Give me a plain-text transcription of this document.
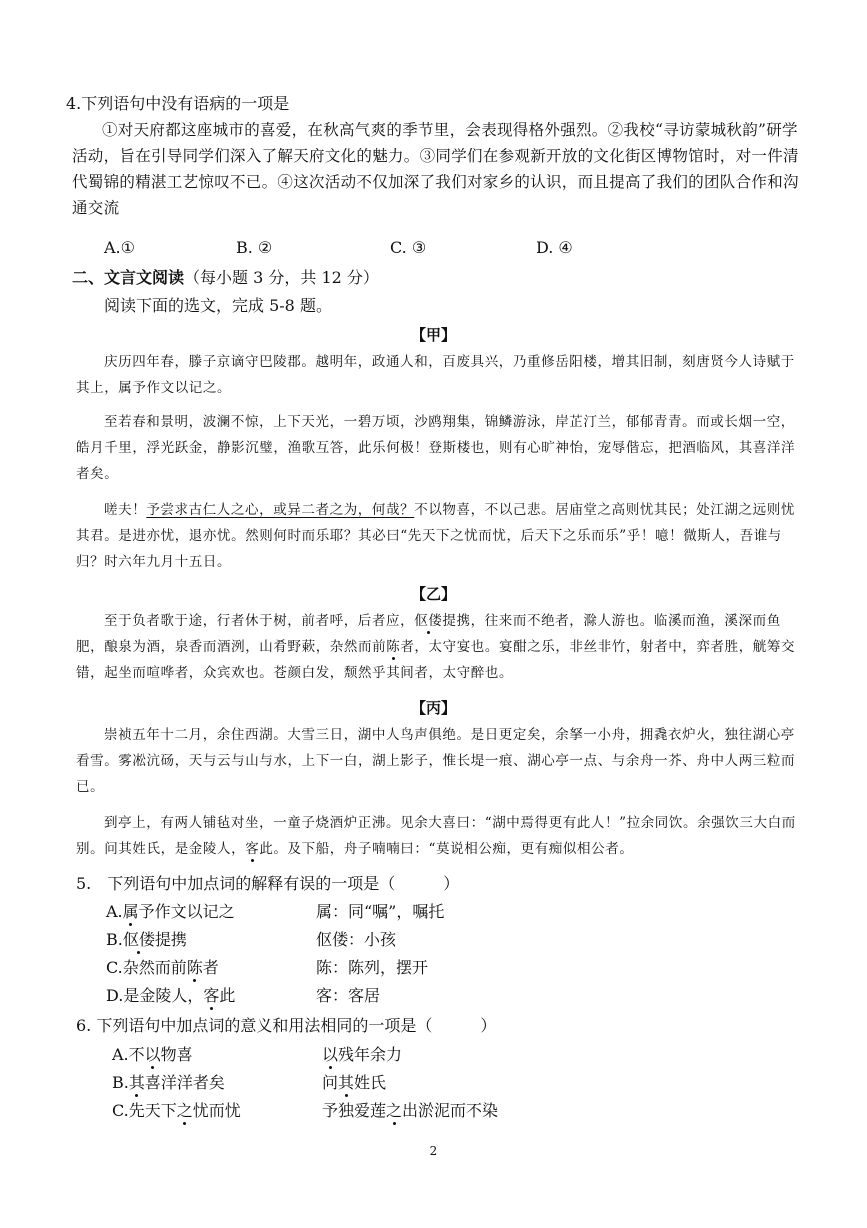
4.下列语句中没有语病的一项是
①对天府都这座城市的喜爱，在秋高气爽的季节里，会表现得格外强烈。②我校“寻访蒙城秋韵”研学活动，旨在引导同学们深入了解天府文化的魅力。③同学们在参观新开放的文化街区博物馆时，对一件清代蜀锦的精湛工艺惊叹不已。④这次活动不仅加深了我们对家乡的认识，而且提高了我们的团队合作和沟通交流
A.①	B. ②	C. ③	D. ④
二、文言文阅读（每小题 3 分，共 12 分）
阅读下面的选文，完成 5-8 题。
【甲】
庆历四年春，滕子京谪守巴陵郡。越明年，政通人和，百废具兴，乃重修岳阳楼，增其旧制，刻唐贤今人诗赋于其上，属予作文以记之。
至若春和景明，波澜不惊，上下天光，一碧万顷，沙鸥翔集，锦鳞游泳，岸芷汀兰，郁郁青青。而或长烟一空，皓月千里，浮光跃金，静影沉璧，渔歌互答，此乐何极！登斯楼也，则有心旷神怡，宠辱偕忘，把酒临风，其喜洋洋者矣。
嗟夫！予尝求古仁人之心，或异二者之为，何哉？不以物喜，不以己悲。居庙堂之高则忧其民；处江湖之远则忧其君。是进亦忧，退亦忧。然则何时而乐耶？其必曰“先天下之忧而忧，后天下之乐而乐”乎！噫！微斯人，吾谁与归？时六年九月十五日。
【乙】
至于负者歌于途，行者休于树，前者呼，后者应，伛偻提携，往来而不绝者，滁人游也。临溪而渔，溪深而鱼肥，酿泉为酒，泉香而酒洌，山肴野蔌，杂然而前陈者，太守宴也。宴酣之乐，非丝非竹，射者中，弈者胜，觥筹交错，起坐而喧哗者，众宾欢也。苍颜白发，颓然乎其间者，太守醉也。
【丙】
崇祯五年十二月，余住西湖。大雪三日，湖中人鸟声俱绝。是日更定矣，余拏一小舟，拥毳衣炉火，独往湖心亭看雪。雾凇沆砀，天与云与山与水，上下一白，湖上影子，惟长堤一痕、湖心亭一点、与余舟一芥、舟中人两三粒而已。
到亭上，有两人铺毡对坐，一童子烧酒炉正沸。见余大喜曰：“湖中焉得更有此人！”拉余同饮。余强饮三大白而别。问其姓氏，是金陵人，客此。及下船，舟子喃喃曰：“莫说相公痴，更有痴似相公者。
5.　下列语句中加点词的解释有误的一项是（　　　）
A.属予作文以记之	属：同“嘱”，嘱托
B.伛偻提携	伛偻：小孩
C.杂然而前陈者	陈：陈列，摆开
D.是金陵人，客此	客：客居
6. 下列语句中加点词的意义和用法相同的一项是（　　　）
A.不以物喜	以残年余力
B.其喜洋洋者矣	问其姓氏
C.先天下之忧而忧	予独爱莲之出淤泥而不染
2
